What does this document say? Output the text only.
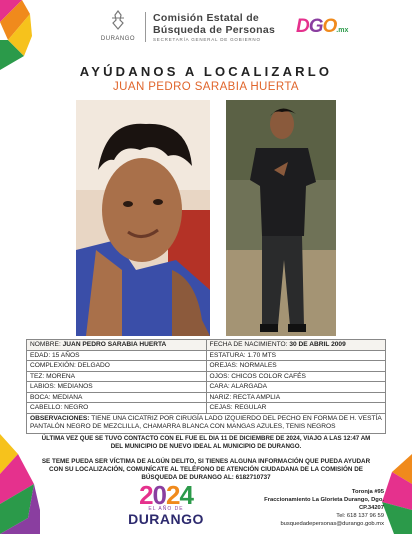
DURANGO
Comisión Estatal de
Búsqueda de Personas
SECRETARÍA GENERAL DE GOBIERNO
DGO.mx
AYÚDANOS A LOCALIZARLO
JUAN PEDRO SARABIA HUERTA
NOMBRE: JUAN PEDRO SARABIA HUERTA	FECHA DE NACIMIENTO: 30 DE ABRIL 2009
EDAD: 15 AÑOS	ESTATURA: 1.70 MTS
COMPLEXIÓN: DELGADO	OREJAS: NORMALES
TEZ: MORENA	OJOS: CHICOS COLOR CAFÉS
LABIOS: MEDIANOS	CARA: ALARGADA
BOCA: MEDIANA	NARIZ: RECTA AMPLIA
CABELLO: NEGRO	CEJAS: REGULAR
OBSERVACIONES: TIENE UNA CICATRIZ POR CIRUGÍA LADO IZQUIERDO DEL PECHO EN FORMA DE H. VESTÍA PANTALÓN NEGRO DE MEZCLILLA, CHAMARRA BLANCA CON MANGAS AZULES, TENIS NEGROS	
ÚLTIMA VEZ QUE SE TUVO CONTACTO CON EL FUE EL DIA 11 DE DICIEMBRE DE 2024, VIAJO A LAS 12:47 AM DEL MUNICIPIO DE NUEVO IDEAL AL MUNICIPIO DE DURANGO.
SE TEME PUEDA SER VÍCTIMA DE ALGÚN DELITO, SI TIENES ALGUNA INFORMACIÓN QUE PUEDA AYUDAR CON SU LOCALIZACIÓN, COMUNÍCATE AL TELÉFONO DE ATENCIÓN CIUDADANA DE LA COMISIÓN DE BÚSQUEDA DE DURANGO AL: 6182710737
2024
EL AÑO DE
DURANGO
Toronja #95
Fraccionamiento La Glorieta Durango, Dgo.
CP.34207
Tel: 618 137 96 59
busquedadepersonas@durango.gob.mx
